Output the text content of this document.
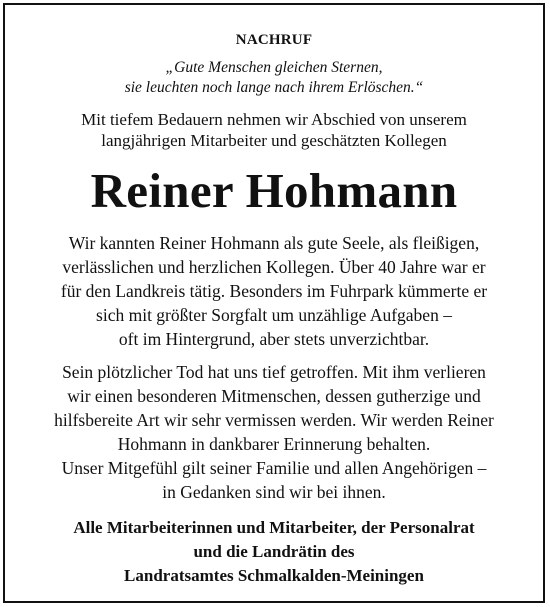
NACHRUF
„Gute Menschen gleichen Sternen,
sie leuchten noch lange nach ihrem Erlöschen.“
Mit tiefem Bedauern nehmen wir Abschied von unserem
langjährigen Mitarbeiter und geschätzten Kollegen
Reiner Hohmann
Wir kannten Reiner Hohmann als gute Seele, als fleißigen,
verlässlichen und herzlichen Kollegen. Über 40 Jahre war er
für den Landkreis tätig. Besonders im Fuhrpark kümmerte er
sich mit größter Sorgfalt um unzählige Aufgaben –
oft im Hintergrund, aber stets unverzichtbar.
Sein plötzlicher Tod hat uns tief getroffen. Mit ihm verlieren
wir einen besonderen Mitmenschen, dessen gutherzige und
hilfsbereite Art wir sehr vermissen werden. Wir werden Reiner
Hohmann in dankbarer Erinnerung behalten.
Unser Mitgefühl gilt seiner Familie und allen Angehörigen –
in Gedanken sind wir bei ihnen.
Alle Mitarbeiterinnen und Mitarbeiter, der Personalrat
und die Landrätin des
Landratsamtes Schmalkalden-Meiningen
